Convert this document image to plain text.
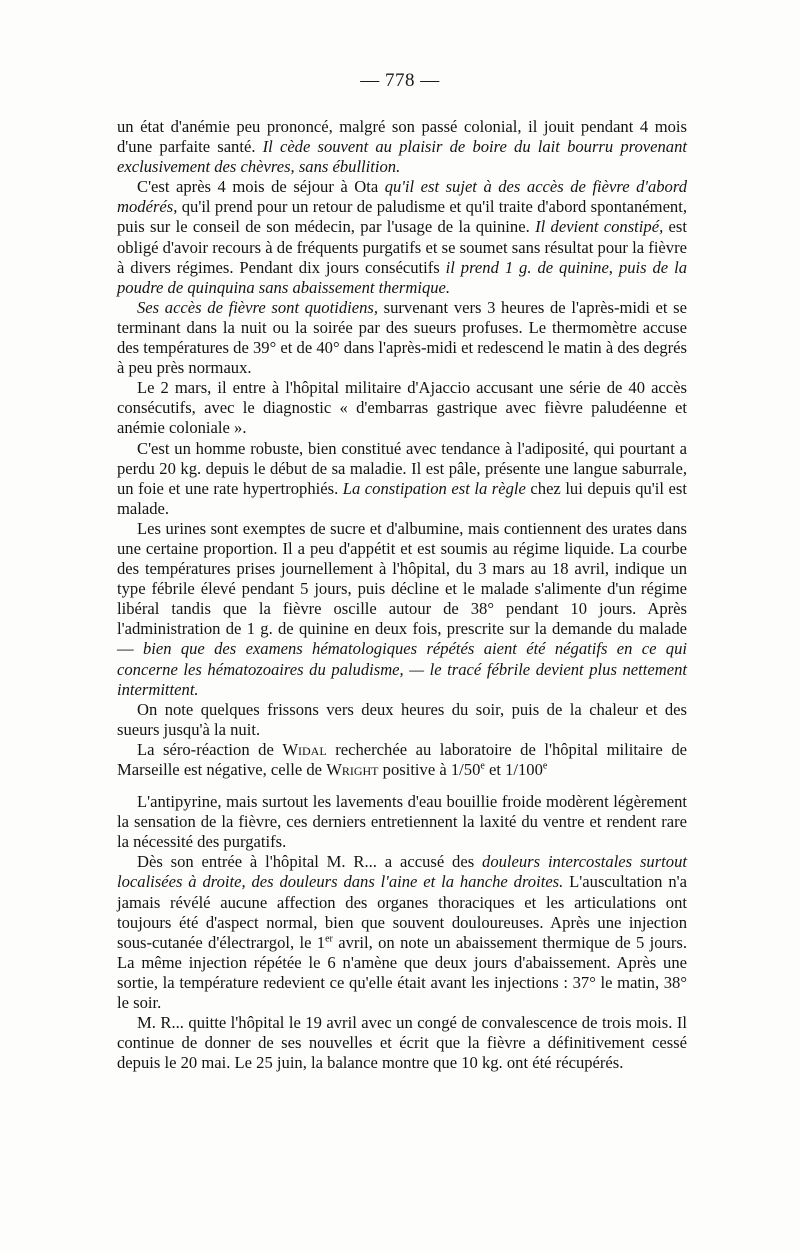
— 778 —

un état d'anémie peu prononcé, malgré son passé colonial, il jouit pendant 4 mois d'une parfaite santé. Il cède souvent au plaisir de boire du lait bourru provenant exclusivement des chèvres, sans ébullition.

C'est après 4 mois de séjour à Ota qu'il est sujet à des accès de fièvre d'abord modérés, qu'il prend pour un retour de paludisme et qu'il traite d'abord spontanément, puis sur le conseil de son médecin, par l'usage de la quinine. Il devient constipé, est obligé d'avoir recours à de fréquents purgatifs et se soumet sans résultat pour la fièvre à divers régimes. Pendant dix jours consécutifs il prend 1 g. de quinine, puis de la poudre de quinquina sans abaissement thermique.

Ses accès de fièvre sont quotidiens, survenant vers 3 heures de l'après-midi et se terminant dans la nuit ou la soirée par des sueurs profuses. Le thermomètre accuse des températures de 39° et de 40° dans l'après-midi et redescend le matin à des degrés à peu près normaux.

Le 2 mars, il entre à l'hôpital militaire d'Ajaccio accusant une série de 40 accès consécutifs, avec le diagnostic « d'embarras gastrique avec fièvre paludéenne et anémie coloniale ».

C'est un homme robuste, bien constitué avec tendance à l'adiposité, qui pourtant a perdu 20 kg. depuis le début de sa maladie. Il est pâle, présente une langue saburrale, un foie et une rate hypertrophiés. La constipation est la règle chez lui depuis qu'il est malade.

Les urines sont exemptes de sucre et d'albumine, mais contiennent des urates dans une certaine proportion. Il a peu d'appétit et est soumis au régime liquide. La courbe des températures prises journellement à l'hôpital, du 3 mars au 18 avril, indique un type fébrile élevé pendant 5 jours, puis décline et le malade s'alimente d'un régime libéral tandis que la fièvre oscille autour de 38° pendant 10 jours. Après l'administration de 1 g. de quinine en deux fois, prescrite sur la demande du malade — bien que des examens hématologiques répétés aient été négatifs en ce qui concerne les hématozoaires du paludisme, — le tracé fébrile devient plus nettement intermittent.

On note quelques frissons vers deux heures du soir, puis de la chaleur et des sueurs jusqu'à la nuit.

La séro-réaction de Widal recherchée au laboratoire de l'hôpital militaire de Marseille est négative, celle de Wright positive à 1/50e et 1/100e

L'antipyrine, mais surtout les lavements d'eau bouillie froide modèrent légèrement la sensation de la fièvre, ces derniers entretiennent la laxité du ventre et rendent rare la nécessité des purgatifs.

Dès son entrée à l'hôpital M. R... a accusé des douleurs intercostales surtout localisées à droite, des douleurs dans l'aine et la hanche droites. L'auscultation n'a jamais révélé aucune affection des organes thoraciques et les articulations ont toujours été d'aspect normal, bien que souvent douloureuses. Après une injection sous-cutanée d'électrargol, le 1er avril, on note un abaissement thermique de 5 jours. La même injection répétée le 6 n'amène que deux jours d'abaissement. Après une sortie, la température redevient ce qu'elle était avant les injections : 37° le matin, 38° le soir.

M. R... quitte l'hôpital le 19 avril avec un congé de convalescence de trois mois. Il continue de donner de ses nouvelles et écrit que la fièvre a définitivement cessé depuis le 20 mai. Le 25 juin, la balance montre que 10 kg. ont été récupérés.
